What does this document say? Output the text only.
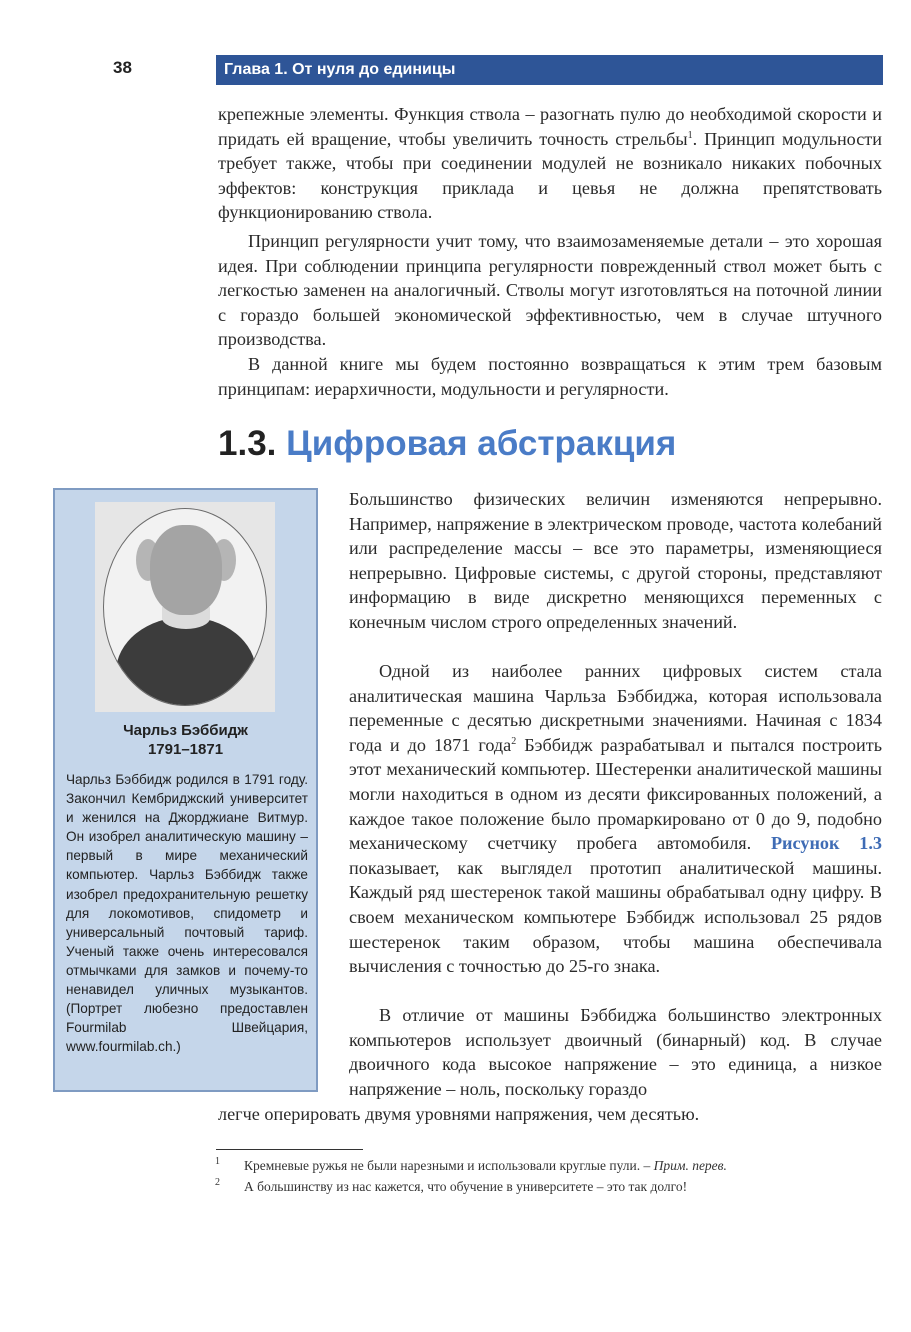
38	Глава 1. От нуля до единицы

крепежные элементы. Функция ствола – разогнать пулю до необходимой скорости и придать ей вращение, чтобы увеличить точность стрельбы$^1$. Принцип модульности требует также, чтобы при соединении модулей не возникало никаких побочных эффектов: конструкция приклада и цевья не должна препятствовать функционированию ствола.

Принцип регулярности учит тому, что взаимозаменяемые детали – это хорошая идея. При соблюдении принципа регулярности поврежденный ствол может быть с легкостью заменен на аналогичный. Стволы могут изготовляться на поточной линии с гораздо большей экономической эффективностью, чем в случае штучного производства.

В данной книге мы будем постоянно возвращаться к этим трем базовым принципам: иерархичности, модульности и регулярности.

1.3. Цифровая абстракция
Чарльз Бэббидж
1791–1871

Чарльз Бэббидж родился в 1791 году. Закончил Кембриджский университет и женился на Джорджиане Витмур. Он изобрел аналитическую машину – первый в мире механический компьютер. Чарльз Бэббидж также изобрел предохранительную решетку для локомотивов, спидометр и универсальный почтовый тариф. Ученый также очень интересовался отмычками для замков и почему-то ненавидел уличных музыкантов. (Портрет любезно предоставлен Fourmilab Швейцария, www.fourmilab.ch.)

Большинство физических величин изменяются непрерывно. Например, напряжение в электрическом проводе, частота колебаний или распределение массы – все это параметры, изменяющиеся непрерывно. Цифровые системы, с другой стороны, представляют информацию в виде дискретно меняющихся переменных с конечным числом строго определенных значений.

Одной из наиболее ранних цифровых систем стала аналитическая машина Чарльза Бэббиджа, которая использовала переменные с десятью дискретными значениями. Начиная с 1834 года и до 1871 года$^2$ Бэббидж разрабатывал и пытался построить этот механический компьютер. Шестеренки аналитической машины могли находиться в одном из десяти фиксированных положений, а каждое такое положение было промаркировано от 0 до 9, подобно механическому счетчику пробега автомобиля. Рисунок 1.3 показывает, как выглядел прототип аналитической машины. Каждый ряд шестеренок такой машины обрабатывал одну цифру. В своем механическом компьютере Бэббидж использовал 25 рядов шестеренок таким образом, чтобы машина обеспечивала вычисления с точностью до 25-го знака.

В отличие от машины Бэббиджа большинство электронных компьютеров использует двоичный (бинарный) код. В случае двоичного кода высокое напряжение – это единица, а низкое напряжение – ноль, поскольку гораздо

легче оперировать двумя уровнями напряжения, чем десятью.

1 Кремневые ружья не были нарезными и использовали круглые пули. – Прим. перев.
2 А большинству из нас кажется, что обучение в университете – это так долго!
